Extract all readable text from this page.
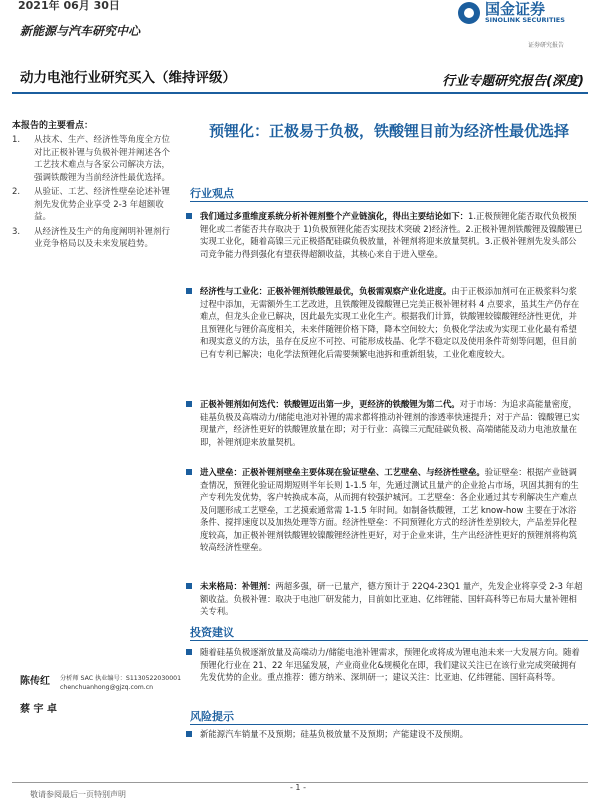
2021年 06月 30日
新能源与汽车研究中心
国金证券
SINOLINK SECURITIES
证券研究报告
动力电池行业研究买入（维持评级）	行业专题研究报告(深度)
本报告的主要看点：
1.	从技术、生产、经济性等角度全方位对比正极补锂与负极补锂并阐述各个工艺技术难点与各家公司解决方法，强调铁酸锂为当前经济性最优选择。
2.	从验证、工艺、经济性壁垒论述补锂剂先发优势企业享受 2-3 年超额收益。
3.	从经济性及生产的角度阐明补锂剂行业竞争格局以及未来发展趋势。
预锂化：正极易于负极，铁酸锂目前为经济性最优选择
行业观点
我们通过多重维度系统分析补锂剂整个产业链演化，得出主要结论如下：1.正极预锂化能否取代负极预锂化或二者能否共存取决于 1)负极预锂化能否实现技术突破 2)经济性。2.正极补锂剂铁酸锂及镍酸锂已实现工业化，随着高镍三元正极搭配硅碳负极放量，补锂剂将迎来放量契机。3.正极补锂剂先发头部公司竞争能力得到强化有望获得超额收益，其核心来自于进入壁垒。
经济性与工业化：正极补锂剂铁酸锂最优，负极需观察产业化进度。由于正极添加剂可在正极浆料匀浆过程中添加，无需额外生工艺改进，且铁酸锂及镍酸锂已完美正极补锂材料 4 点要求，虽其生产仍存在难点，但龙头企业已解决，因此最先实现工业化生产。根据我们计算，铁酸锂较镍酸锂经济性更优，并且预锂化与锂价高度相关，未来伴随锂价格下降，降本空间较大；负极化学法或为实现工业化最有希望和现实意义的方法，虽存在反应不可控、可能形成枝晶、化学不稳定以及使用条件苛刻等问题，但目前已有专利已解决；电化学法预锂化后需要频繁电池拆和重新组装，工业化难度较大。
正极补锂剂如何迭代：铁酸锂迈出第一步，更经济的铁酸锂为第二代。对于市场：为追求高能量密度，硅基负极及高端动力/储能电池对补锂的需求都将推动补锂剂的渗透率快速提升；对于产品：镍酸锂已实现量产，经济性更好的铁酸锂放量在即；对于行业：高镍三元配硅碳负极、高端储能及动力电池放量在即，补锂剂迎来放量契机。
进入壁垒：正极补锂剂壁垒主要体现在验证壁垒、工艺壁垒、与经济性壁垒。验证壁垒：根据产业链调查情况，预锂化验证周期短则半年长则 1-1.5 年，先通过测试且量产的企业抢占市场，巩固其拥有的生产专利先发优势，客户转换成本高，从而拥有较强护城河。工艺壁垒：各企业通过其专利解决生产难点及问题形成工艺壁垒，工艺摸索通常需 1-1.5 年时间。如制备铁酸锂，工艺 know-how 主要在于冰浴条件、搅拌速度以及加热处理等方面。经济性壁垒：不同预锂化方式的经济性差别较大，产品差异化程度较高，加正极补锂剂铁酸锂较镍酸锂经济性更好，对于企业来讲，生产出经济性更好的预锂剂将构筑较高经济性壁垒。
未来格局：补锂剂：两超多强，研一已量产，德方预计于 22Q4-23Q1 量产，先发企业将享受 2-3 年超额收益。负极补锂：取决于电池厂研发能力，目前如比亚迪、亿纬锂能、国轩高科等已布局大量补锂相关专利。
投资建议
随着硅基负极逐渐放量及高端动力/储能电池补锂需求，预锂化或将成为锂电池未来一大发展方向。随着预锂化行业在 21、22 年迅猛发展，产业商业化&规模化在即，我们建议关注已在该行业完成突破拥有先发优势的企业。重点推荐：德方纳米、深圳研一；建议关注：比亚迪、亿纬锂能、国轩高科等。
风险提示
新能源汽车销量不及预期；硅基负极放量不及预期；产能建设不及预期。
陈传红 分析师 SAC 执业编号：S1130522030001
chenchuanhong@gjzq.com.cn
蔡 宇 卓
- 1 -
敬请参阅最后一页特别声明
